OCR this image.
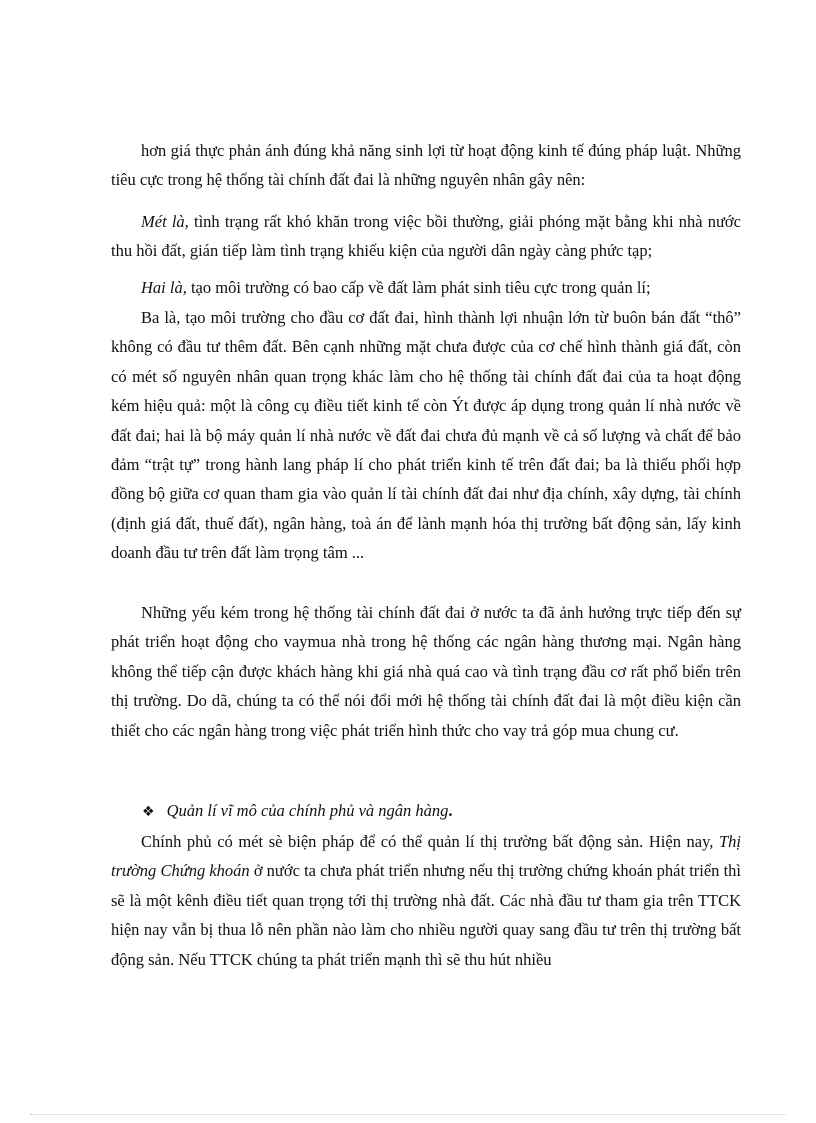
hơn giá thực phản ánh đúng khả năng sinh lợi từ hoạt động kinh tế đúng pháp luật. Những tiêu cực trong hệ thống tài chính đất đai là những nguyên nhân gây nên:

Mét là, tình trạng rất khó khăn trong việc bồi thường, giải phóng mặt bằng khi nhà nước thu hồi đất, gián tiếp làm tình trạng khiếu kiện của người dân ngày càng phức tạp;

Hai là, tạo môi trường có bao cấp về đất làm phát sinh tiêu cực trong quản lí;

Ba là, tạo môi trường cho đầu cơ đất đai, hình thành lợi nhuận lớn từ buôn bán đất “thô” không có đầu tư thêm đất. Bên cạnh những mặt chưa được của cơ chế hình thành giá đất, còn có mét số nguyên nhân quan trọng khác làm cho hệ thống tài chính đất đai của ta hoạt động kém hiệu quả: một là công cụ điều tiết kinh tế còn Ýt được áp dụng trong quản lí nhà nước về đất đai; hai là bộ máy quản lí nhà nước về đất đai chưa đủ mạnh về cả số lượng và chất để bảo đảm “trật tự” trong hành lang pháp lí cho phát triển kinh tế trên đất đai; ba là thiếu phối hợp đồng bộ giữa cơ quan tham gia vào quản lí tài chính đất đai như địa chính, xây dựng, tài chính (định giá đất, thuế đất), ngân hàng, toà án để lành mạnh hóa thị trường bất động sản, lấy kinh doanh đầu tư trên đất làm trọng tâm ...

Những yếu kém trong hệ thống tài chính đất đai ở nước ta đã ảnh hưởng trực tiếp đến sự phát triển hoạt động cho vaymua nhà trong hệ thống các ngân hàng thương mại. Ngân hàng không thể tiếp cận được khách hàng khi giá nhà quá cao và tình trạng đầu cơ rất phổ biến trên thị trường. Do dã, chúng ta có thể nói đổi mới hệ thống tài chính đất đai là một điều kiện cần thiết cho các ngân hàng trong việc phát triển hình thức cho vay trả góp mua chung cư.

❖ Quản lí vĩ mô của chính phủ và ngân hàng.

Chính phủ có mét sè biện pháp để có thể quản lí thị trường bất động sản. Hiện nay, Thị trường Chứng khoán ở nước ta chưa phát triển nhưng nếu thị trường chứng khoán phát triển thì sẽ là một kênh điều tiết quan trọng tới thị trường nhà đất. Các nhà đầu tư tham gia trên TTCK hiện nay vẫn bị thua lỗ nên phần nào làm cho nhiều người quay sang đầu tư trên thị trường bất động sản. Nếu TTCK chúng ta phát triển mạnh thì sẽ thu hút nhiều
